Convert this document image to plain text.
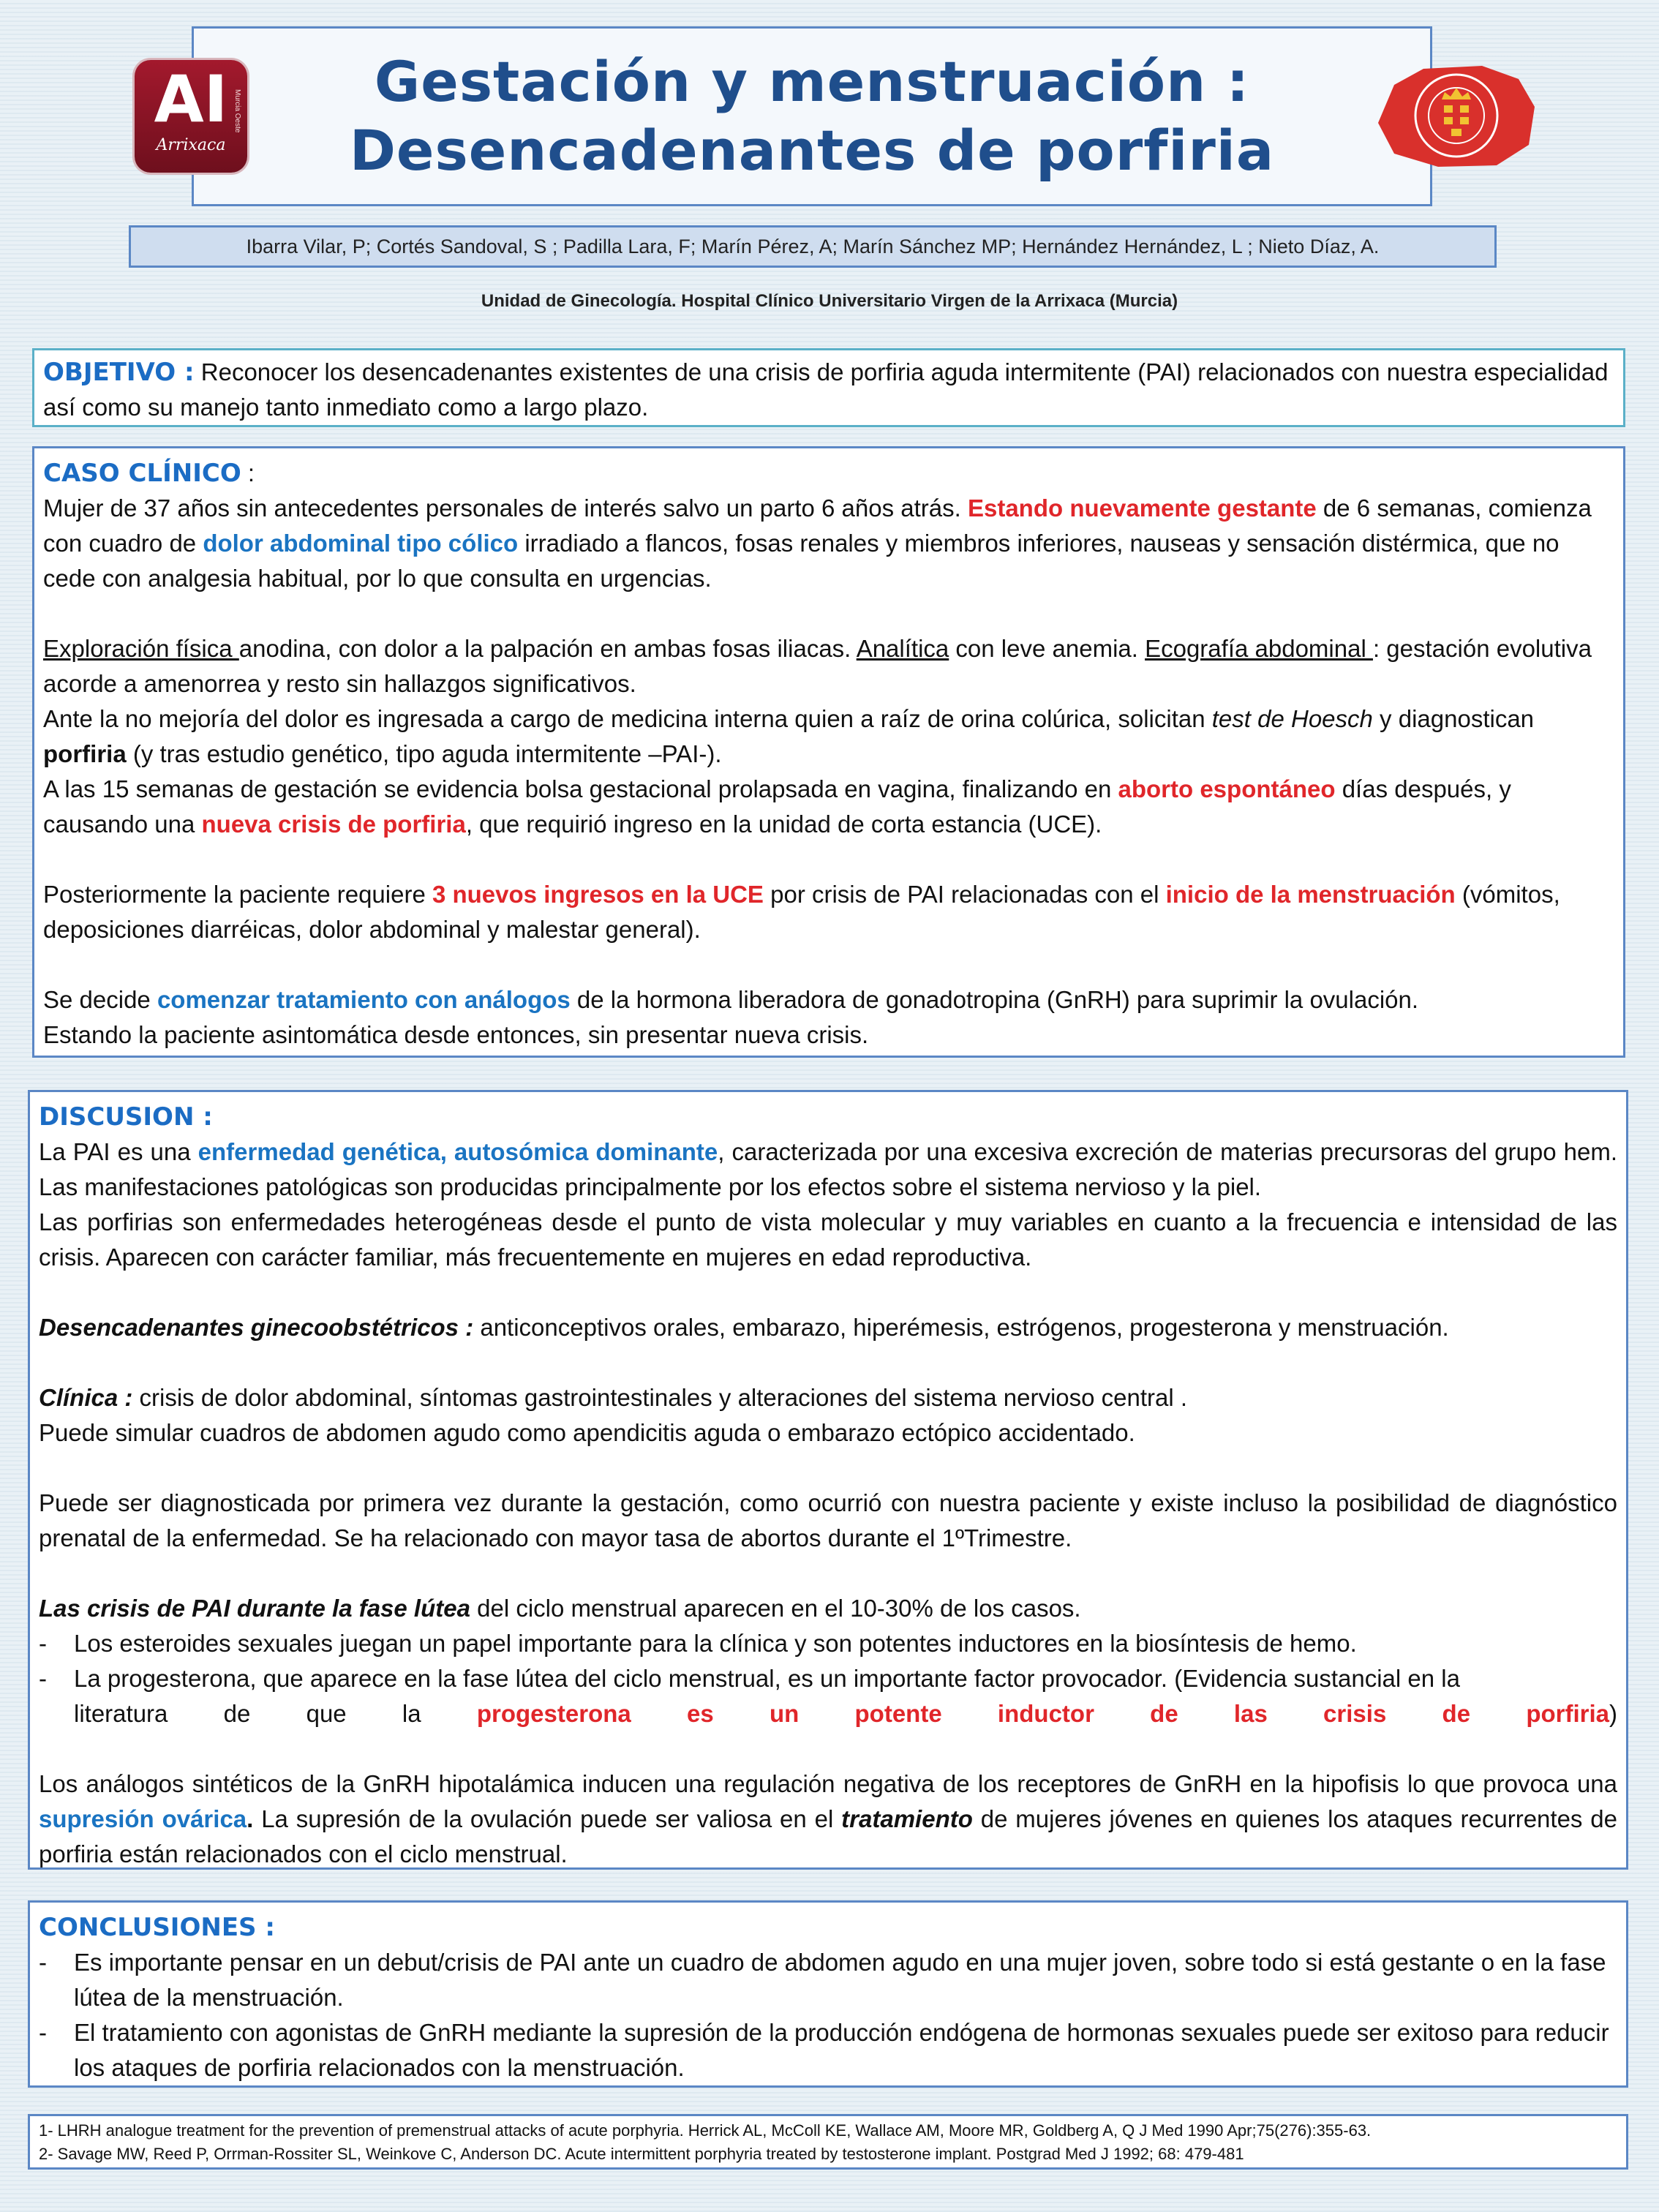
Gestación y menstruación :
Desencadenantes de porfiria
AI
Arrixaca
Murcia Oeste
Ibarra Vilar, P; Cortés Sandoval, S ; Padilla Lara, F; Marín Pérez, A; Marín Sánchez MP; Hernández Hernández, L ; Nieto Díaz, A.
Unidad de Ginecología. Hospital Clínico Universitario Virgen de la Arrixaca (Murcia)

OBJETIVO : Reconocer los desencadenantes existentes de una crisis de porfiria aguda intermitente (PAI) relacionados con nuestra especialidad así como su manejo tanto inmediato como a largo plazo.

CASO CLÍNICO :

Mujer de 37 años sin antecedentes personales de interés salvo un parto 6 años atrás. Estando nuevamente gestante de 6 semanas, comienza con cuadro de dolor abdominal tipo cólico irradiado a flancos, fosas renales y miembros inferiores, nauseas y sensación distérmica, que no cede con analgesia habitual, por lo que consulta en urgencias.

Exploración física anodina, con dolor a la palpación en ambas fosas iliacas. Analítica con leve anemia. Ecografía abdominal : gestación evolutiva acorde a amenorrea y resto sin hallazgos significativos.

Ante la no mejoría del dolor es ingresada a cargo de medicina interna quien a raíz de orina colúrica, solicitan test de Hoesch y diagnostican porfiria (y tras estudio genético, tipo aguda intermitente –PAI-).

A las 15 semanas de gestación se evidencia bolsa gestacional prolapsada en vagina, finalizando en aborto espontáneo días después, y causando una nueva crisis de porfiria, que requirió ingreso en la unidad de corta estancia (UCE).

Posteriormente la paciente requiere 3 nuevos ingresos en la UCE por crisis de PAI relacionadas con el inicio de la menstruación (vómitos, deposiciones diarréicas, dolor abdominal y malestar general).

Se decide comenzar tratamiento con análogos de la hormona liberadora de gonadotropina (GnRH) para suprimir la ovulación.

Estando la paciente asintomática desde entonces, sin presentar nueva crisis.

DISCUSION :

La PAI es una enfermedad genética, autosómica dominante, caracterizada por una excesiva excreción de materias precursoras del grupo hem. Las manifestaciones patológicas son producidas principalmente por los efectos sobre el sistema nervioso y la piel.

Las porfirias son enfermedades heterogéneas desde el punto de vista molecular y muy variables en cuanto a la frecuencia e intensidad de las crisis. Aparecen con carácter familiar, más frecuentemente en mujeres en edad reproductiva.

Desencadenantes ginecoobstétricos : anticonceptivos orales, embarazo, hiperémesis, estrógenos, progesterona y menstruación.

Clínica : crisis de dolor abdominal, síntomas gastrointestinales y alteraciones del sistema nervioso central .

Puede simular cuadros de abdomen agudo como apendicitis aguda o embarazo ectópico accidentado.

Puede ser diagnosticada por primera vez durante la gestación, como ocurrió con nuestra paciente y existe incluso la posibilidad de diagnóstico prenatal de la enfermedad. Se ha relacionado con mayor tasa de abortos durante el 1ºTrimestre.

Las crisis de PAI durante la fase lútea del ciclo menstrual aparecen en el 10-30% de los casos.

-	Los esteroides sexuales juegan un papel importante para la clínica y son potentes inductores en la biosíntesis de hemo.
-	La progesterona, que aparece en la fase lútea del ciclo menstrual, es un importante factor provocador. (Evidencia sustancial en la
literatura de que la progesterona es un potente inductor de las crisis de porfiria)

Los análogos sintéticos de la GnRH hipotalámica inducen una regulación negativa de los receptores de GnRH en la hipofisis lo que provoca una supresión ovárica. La supresión de la ovulación puede ser valiosa en el tratamiento de mujeres jóvenes en quienes los ataques recurrentes de porfiria están relacionados con el ciclo menstrual.

CONCLUSIONES :

-	Es importante pensar en un debut/crisis de PAI ante un cuadro de abdomen agudo en una mujer joven, sobre todo si está gestante o en la fase lútea de la menstruación.
-	El tratamiento con agonistas de GnRH mediante la supresión de la producción endógena de hormonas sexuales puede ser exitoso para reducir los ataques de porfiria relacionados con la menstruación.

1- LHRH analogue treatment for the prevention of premenstrual attacks of acute porphyria. Herrick AL, McColl KE, Wallace AM, Moore MR, Goldberg A, Q J Med 1990 Apr;75(276):355-63.

2- Savage MW, Reed P, Orrman-Rossiter SL, Weinkove C, Anderson DC. Acute intermittent porphyria treated by testosterone implant. Postgrad Med J 1992; 68: 479-481
